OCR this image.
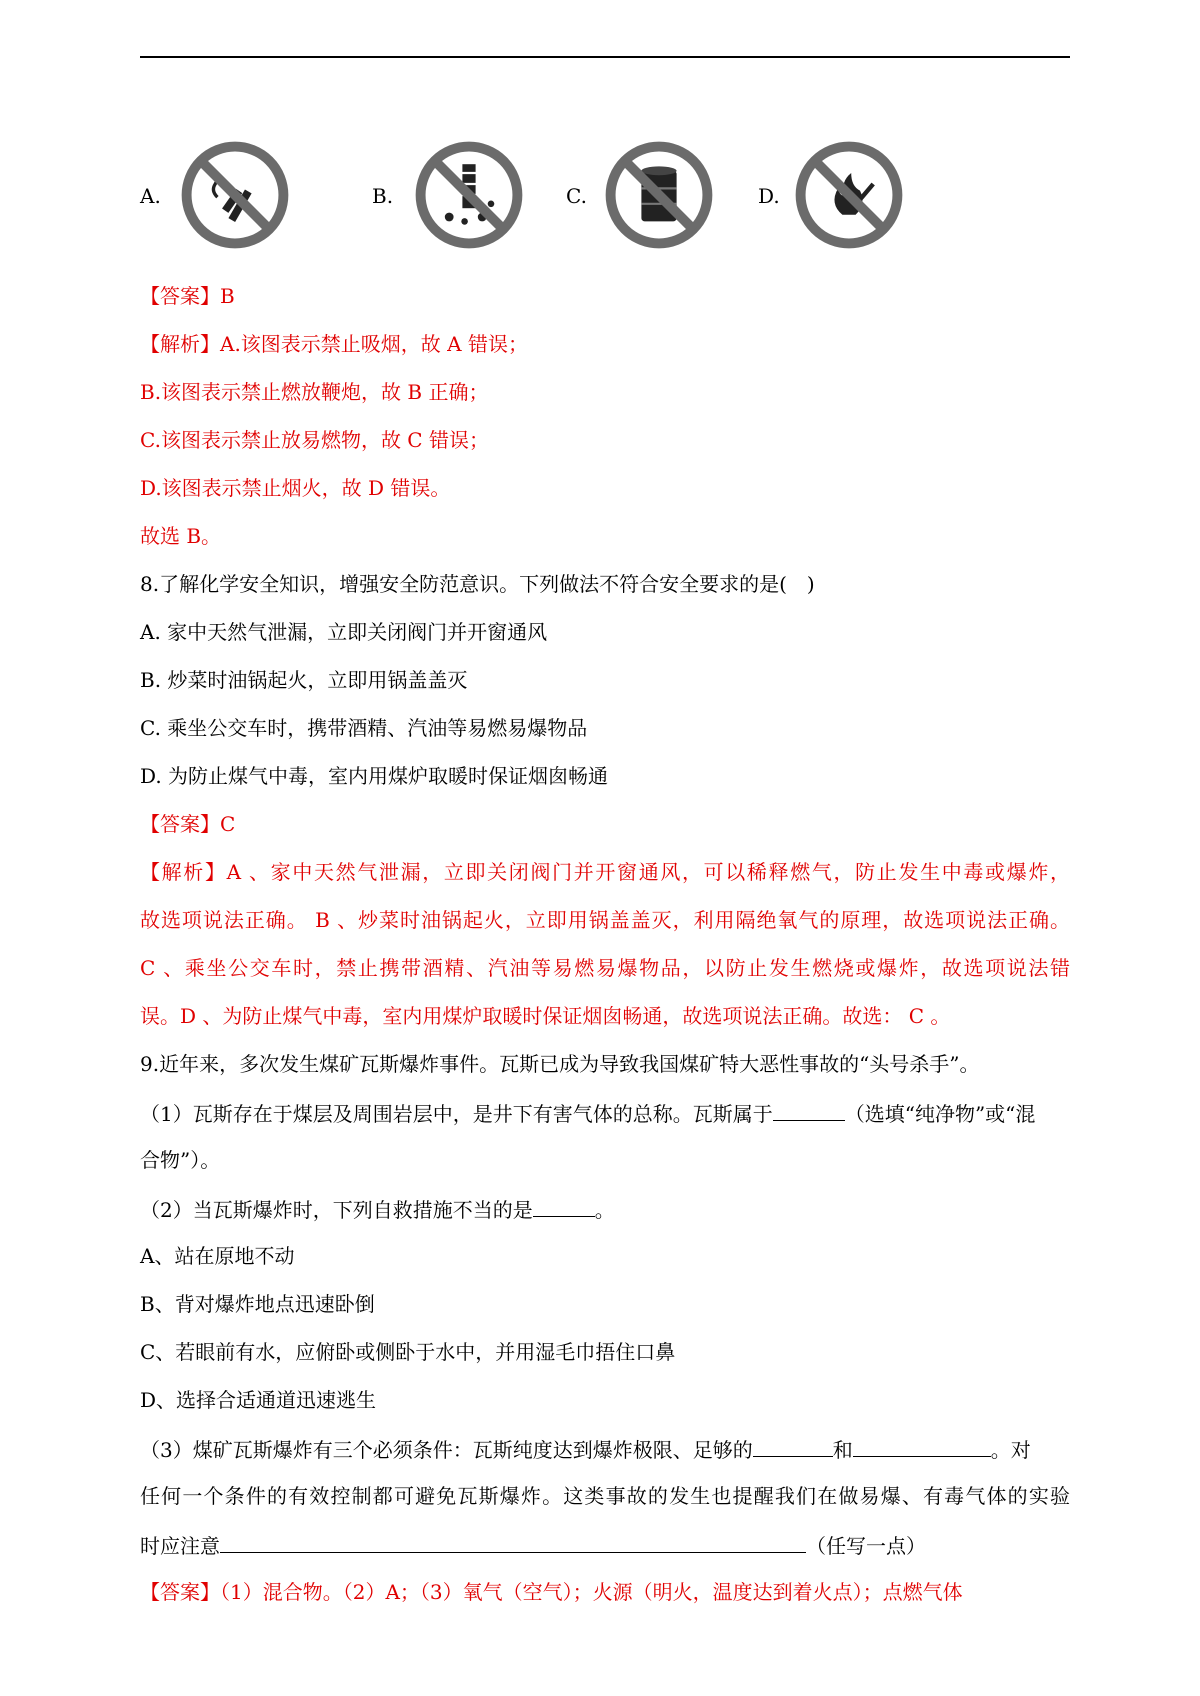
A.	B.	C.	D.
【答案】B
【解析】A.该图表示禁止吸烟，故 A 错误；
B.该图表示禁止燃放鞭炮，故 B 正确；
C.该图表示禁止放易燃物，故 C 错误；
D.该图表示禁止烟火，故 D 错误。
故选 B。
8.了解化学安全知识，增强安全防范意识。下列做法不符合安全要求的是(　)
A. 家中天然气泄漏，立即关闭阀门并开窗通风
B. 炒菜时油锅起火，立即用锅盖盖灭
C. 乘坐公交车时，携带酒精、汽油等易燃易爆物品
D. 为防止煤气中毒，室内用煤炉取暖时保证烟囱畅通
【答案】C
【解析】A 、家中天然气泄漏，立即关闭阀门并开窗通风，可以稀释燃气，防止发生中毒或爆炸，
故选项说法正确。 B 、炒菜时油锅起火，立即用锅盖盖灭，利用隔绝氧气的原理，故选项说法正确。
C 、乘坐公交车时，禁止携带酒精、汽油等易燃易爆物品，以防止发生燃烧或爆炸，故选项说法错
误。D 、为防止煤气中毒，室内用煤炉取暖时保证烟囱畅通，故选项说法正确。故选： C 。
9.近年来，多次发生煤矿瓦斯爆炸事件。瓦斯已成为导致我国煤矿特大恶性事故的“头号杀手”。
（1）瓦斯存在于煤层及周围岩层中，是井下有害气体的总称。瓦斯属于	（选填“纯净物”或“混
合物”）。
（2）当瓦斯爆炸时，下列自救措施不当的是	。
A、站在原地不动
B、背对爆炸地点迅速卧倒
C、若眼前有水，应俯卧或侧卧于水中，并用湿毛巾捂住口鼻
D、选择合适通道迅速逃生
（3）煤矿瓦斯爆炸有三个必须条件：瓦斯纯度达到爆炸极限、足够的	和	。对
任何一个条件的有效控制都可避免瓦斯爆炸。这类事故的发生也提醒我们在做易爆、有毒气体的实验
时应注意	（任写一点）
【答案】（1）混合物。（2）A；（3）氧气（空气）；火源（明火，温度达到着火点）；点燃气体
